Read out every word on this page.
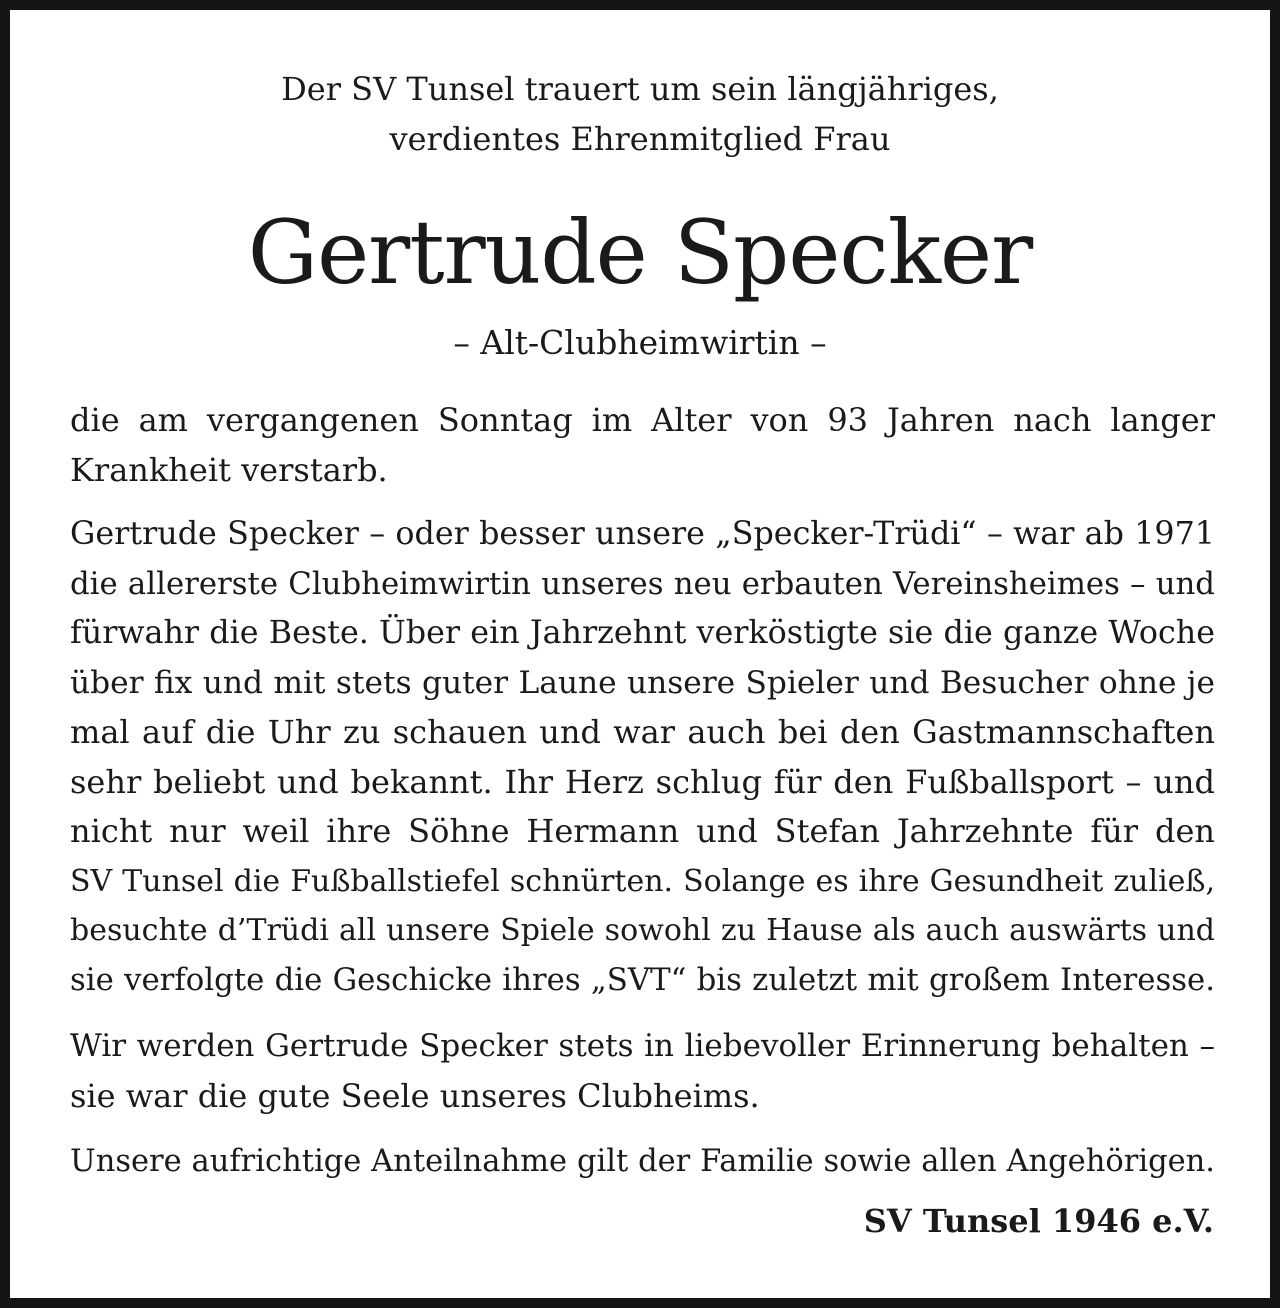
Der SV Tunsel trauert um sein längjähriges,
verdientes Ehrenmitglied Frau
Gertrude Specker
– Alt-Clubheimwirtin –
die am vergangenen Sonntag im Alter von 93 Jahren nach langer
Krankheit verstarb.
Gertrude Specker – oder besser unsere „Specker-Trüdi“ – war ab 1971
die allererste Clubheimwirtin unseres neu erbauten Vereinsheimes – und
fürwahr die Beste. Über ein Jahrzehnt verköstigte sie die ganze Woche
über fix und mit stets guter Laune unsere Spieler und Besucher ohne je
mal auf die Uhr zu schauen und war auch bei den Gastmannschaften
sehr beliebt und bekannt. Ihr Herz schlug für den Fußballsport – und
nicht nur weil ihre Söhne Hermann und Stefan Jahrzehnte für den
SV Tunsel die Fußballstiefel schnürten. Solange es ihre Gesundheit zuließ,
besuchte d’Trüdi all unsere Spiele sowohl zu Hause als auch auswärts und
sie verfolgte die Geschicke ihres „SVT“ bis zuletzt mit großem Interesse.
Wir werden Gertrude Specker stets in liebevoller Erinnerung behalten –
sie war die gute Seele unseres Clubheims.
Unsere aufrichtige Anteilnahme gilt der Familie sowie allen Angehörigen.
SV Tunsel 1946 e.V.
